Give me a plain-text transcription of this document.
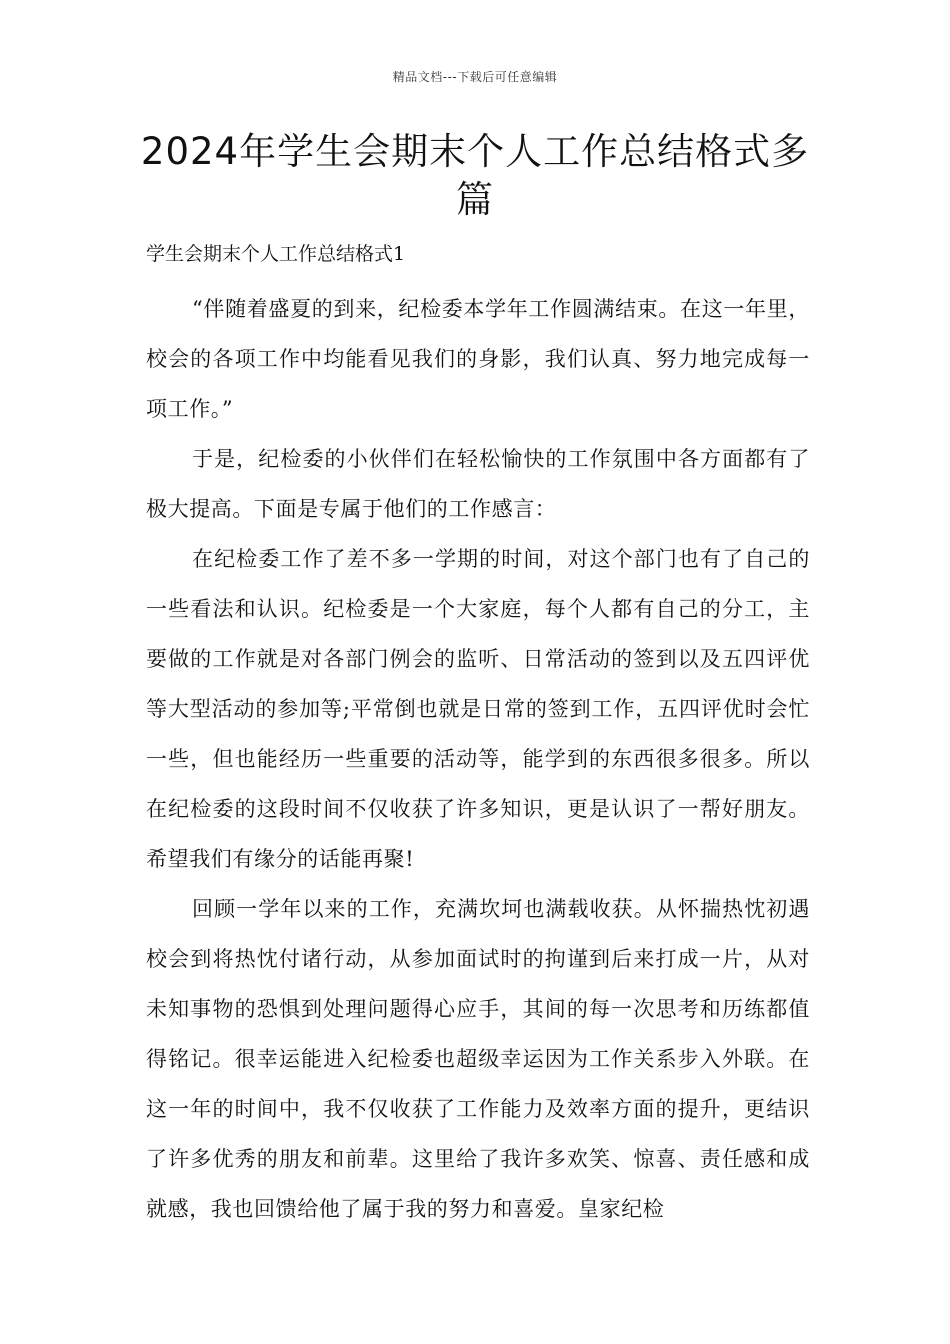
精品文档---下载后可任意编辑
2024年学生会期末个人工作总结格式多篇

学生会期末个人工作总结格式1

“伴随着盛夏的到来，纪检委本学年工作圆满结束。在这一年里，校会的各项工作中均能看见我们的身影，我们认真、努力地完成每一项工作。”

于是，纪检委的小伙伴们在轻松愉快的工作氛围中各方面都有了极大提高。下面是专属于他们的工作感言：

在纪检委工作了差不多一学期的时间，对这个部门也有了自己的一些看法和认识。纪检委是一个大家庭，每个人都有自己的分工，主要做的工作就是对各部门例会的监听、日常活动的签到以及五四评优等大型活动的参加等;平常倒也就是日常的签到工作，五四评优时会忙一些，但也能经历一些重要的活动等，能学到的东西很多很多。所以在纪检委的这段时间不仅收获了许多知识，更是认识了一帮好朋友。希望我们有缘分的话能再聚!

回顾一学年以来的工作，充满坎坷也满载收获。从怀揣热忱初遇校会到将热忱付诸行动，从参加面试时的拘谨到后来打成一片，从对未知事物的恐惧到处理问题得心应手，其间的每一次思考和历练都值得铭记。很幸运能进入纪检委也超级幸运因为工作关系步入外联。在这一年的时间中，我不仅收获了工作能力及效率方面的提升，更结识了许多优秀的朋友和前辈。这里给了我许多欢笑、惊喜、责任感和成就感，我也回馈给他了属于我的努力和喜爱。皇家纪检
